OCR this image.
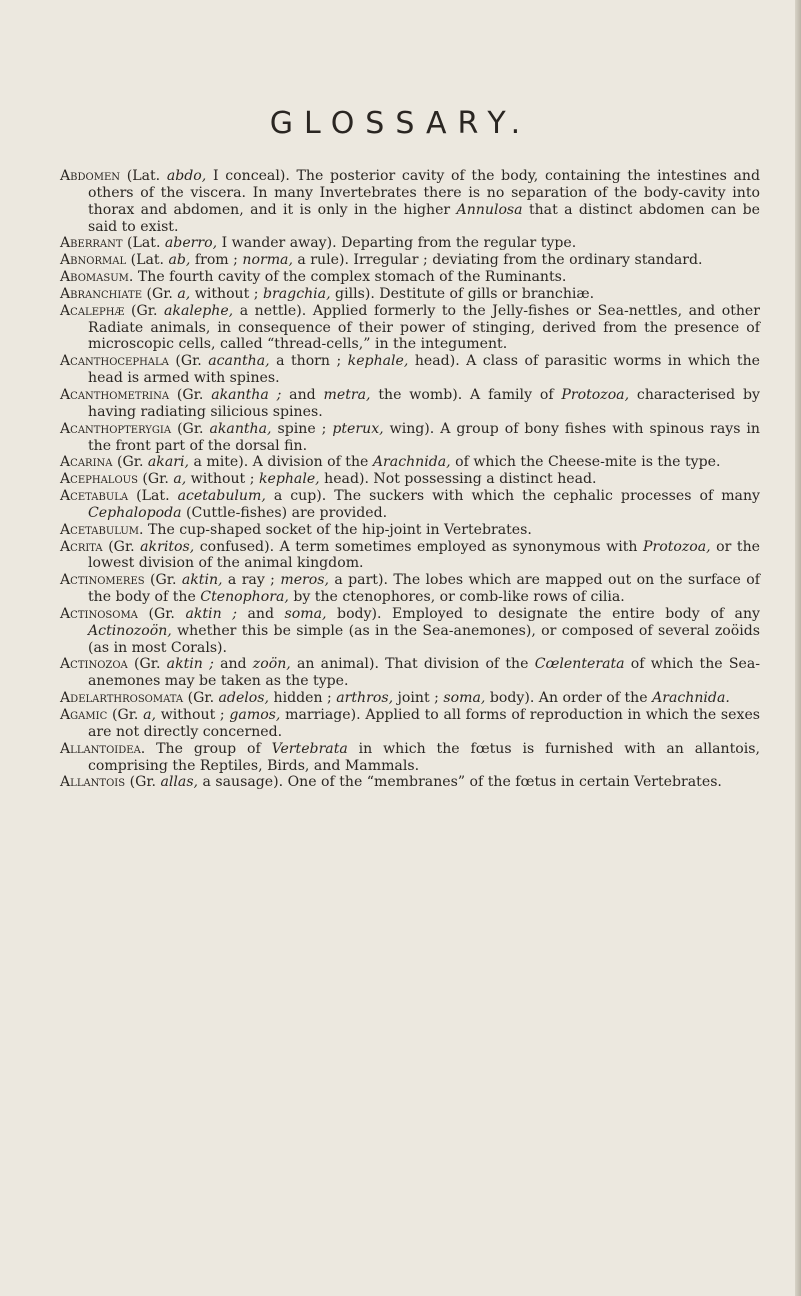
GLOSSARY.

Abdomen (Lat. abdo, I conceal). The posterior cavity of the body, containing the intestines and others of the viscera. In many Invertebrates there is no separation of the body-cavity into thorax and abdomen, and it is only in the higher Annulosa that a distinct abdomen can be said to exist.

Aberrant (Lat. aberro, I wander away). Departing from the regular type.

Abnormal (Lat. ab, from ; norma, a rule). Irregular ; deviating from the ordinary standard.

Abomasum. The fourth cavity of the complex stomach of the Ruminants.

Abranchiate (Gr. a, without ; bragchia, gills). Destitute of gills or branchiæ.

Acalephæ (Gr. akalephe, a nettle). Applied formerly to the Jelly-fishes or Sea-nettles, and other Radiate animals, in consequence of their power of stinging, derived from the presence of microscopic cells, called “thread-cells,” in the integument.

Acanthocephala (Gr. acantha, a thorn ; kephale, head). A class of parasitic worms in which the head is armed with spines.

Acanthometrina (Gr. akantha ; and metra, the womb). A family of Protozoa, characterised by having radiating silicious spines.

Acanthopterygia (Gr. akantha, spine ; pterux, wing). A group of bony fishes with spinous rays in the front part of the dorsal fin.

Acarina (Gr. akari, a mite). A division of the Arachnida, of which the Cheese-mite is the type.

Acephalous (Gr. a, without ; kephale, head). Not possessing a distinct head.

Acetabula (Lat. acetabulum, a cup). The suckers with which the cephalic processes of many Cephalopoda (Cuttle-fishes) are provided.

Acetabulum. The cup-shaped socket of the hip-joint in Vertebrates.

Acrita (Gr. akritos, confused). A term sometimes employed as synonymous with Protozoa, or the lowest division of the animal kingdom.

Actinomeres (Gr. aktin, a ray ; meros, a part). The lobes which are mapped out on the surface of the body of the Ctenophora, by the ctenophores, or comb-like rows of cilia.

Actinosoma (Gr. aktin ; and soma, body). Employed to designate the entire body of any Actinozoön, whether this be simple (as in the Sea-anemones), or composed of several zoöids (as in most Corals).

Actinozoa (Gr. aktin ; and zoön, an animal). That division of the Cœlenterata of which the Sea-anemones may be taken as the type.

Adelarthrosomata (Gr. adelos, hidden ; arthros, joint ; soma, body). An order of the Arachnida.

Agamic (Gr. a, without ; gamos, marriage). Applied to all forms of reproduction in which the sexes are not directly concerned.

Allantoidea. The group of Vertebrata in which the fœtus is furnished with an allantois, comprising the Reptiles, Birds, and Mammals.

Allantois (Gr. allas, a sausage). One of the “membranes” of the fœtus in certain Vertebrates.
